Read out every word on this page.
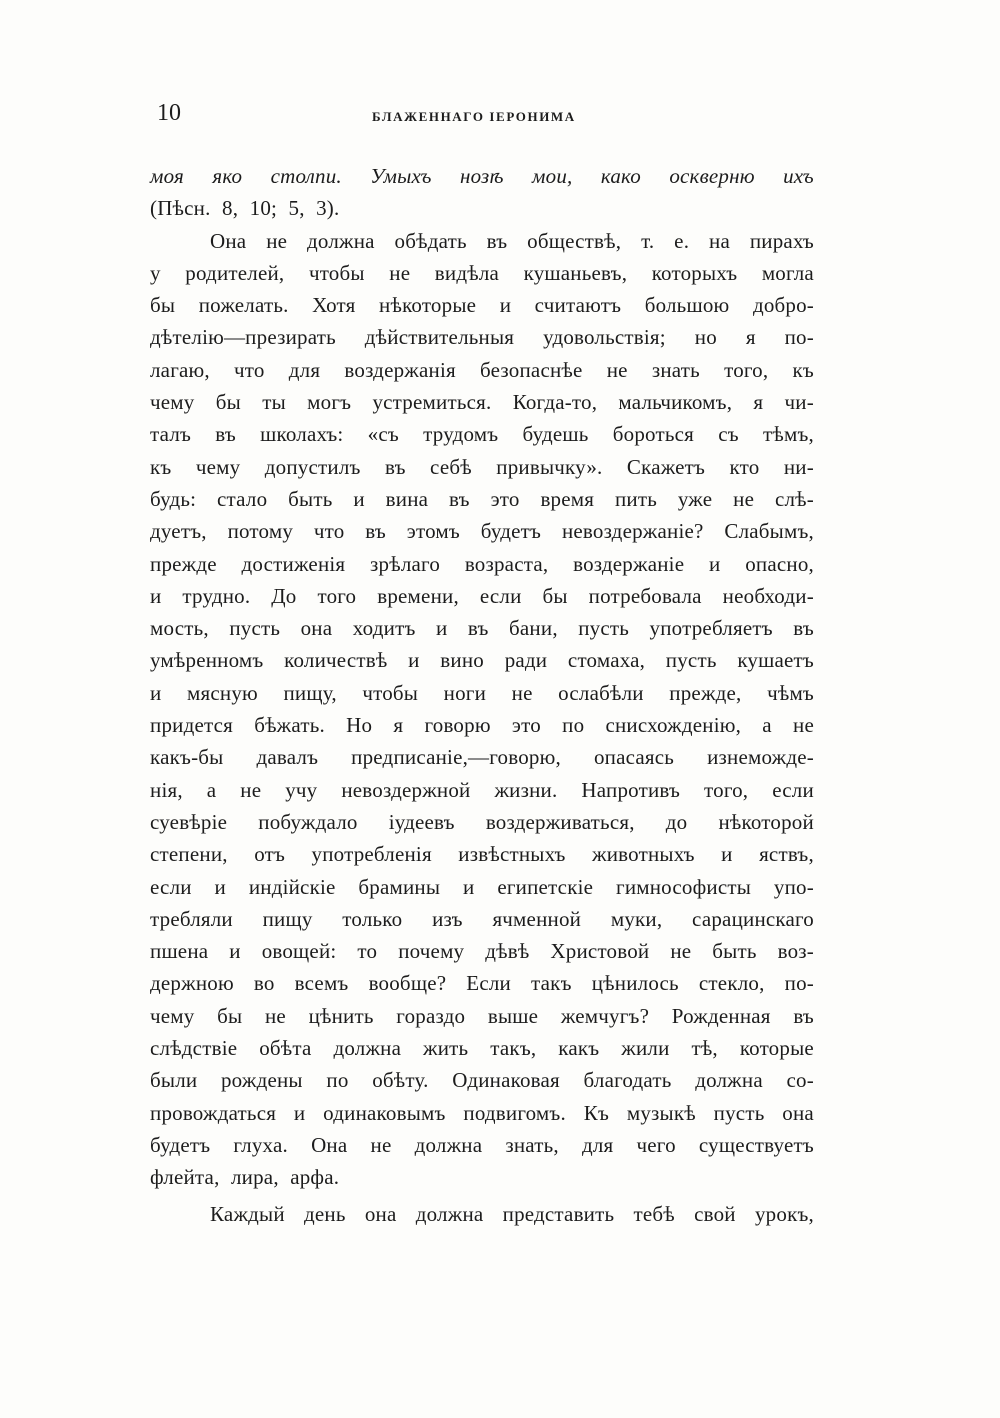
10	БЛАЖЕННАГО ІЕРОНИМА
моя яко столпи. Умыхъ нозѣ мои, како оскверню ихъ
(Пѣсн. 8, 10; 5, 3).
Она не должна обѣдать въ обществѣ, т. е. на пирахъ
у родителей, чтобы не видѣла кушаньевъ, которыхъ могла
бы пожелать. Хотя нѣкоторые и считаютъ большою добро-
дѣтелію—презирать дѣйствительныя удовольствія; но я по-
лагаю, что для воздержанія безопаснѣе не знать того, къ
чему бы ты могъ устремиться. Когда-то, мальчикомъ, я чи-
талъ въ школахъ: «съ трудомъ будешь бороться съ тѣмъ,
къ чему допустилъ въ себѣ привычку». Скажетъ кто ни-
будь: стало быть и вина въ это время пить уже не слѣ-
дуетъ, потому что въ этомъ будетъ невоздержаніе? Слабымъ,
прежде достиженія зрѣлаго возраста, воздержаніе и опасно,
и трудно. До того времени, если бы потребовала необходи-
мость, пусть она ходитъ и въ бани, пусть употребляетъ въ
умѣренномъ количествѣ и вино ради стомаха, пусть кушаетъ
и мясную пищу, чтобы ноги не ослабѣли прежде, чѣмъ
придется бѣжать. Но я говорю это по снисхожденію, а не
какъ-бы давалъ предписаніе,—говорю, опасаясь изнеможде-
нія, а не учу невоздержной жизни. Напротивъ того, если
суевѣріе побуждало іудеевъ воздерживаться, до нѣкоторой
степени, отъ употребленія извѣстныхъ животныхъ и яствъ,
если и индійскіе брамины и египетскіе гимнософисты упо-
требляли пищу только изъ ячменной муки, сарацинскаго
пшена и овощей: то почему дѣвѣ Христовой не быть воз-
держною во всемъ вообще? Если такъ цѣнилось стекло, по-
чему бы не цѣнить гораздо выше жемчугъ? Рожденная въ
слѣдствіе обѣта должна жить такъ, какъ жили тѣ, которые
были рождены по обѣту. Одинаковая благодать должна со-
провождаться и одинаковымъ подвигомъ. Къ музыкѣ пусть она
будетъ глуха. Она не должна знать, для чего существуетъ
флейта, лира, арфа.
Каждый день она должна представить тебѣ свой урокъ,
